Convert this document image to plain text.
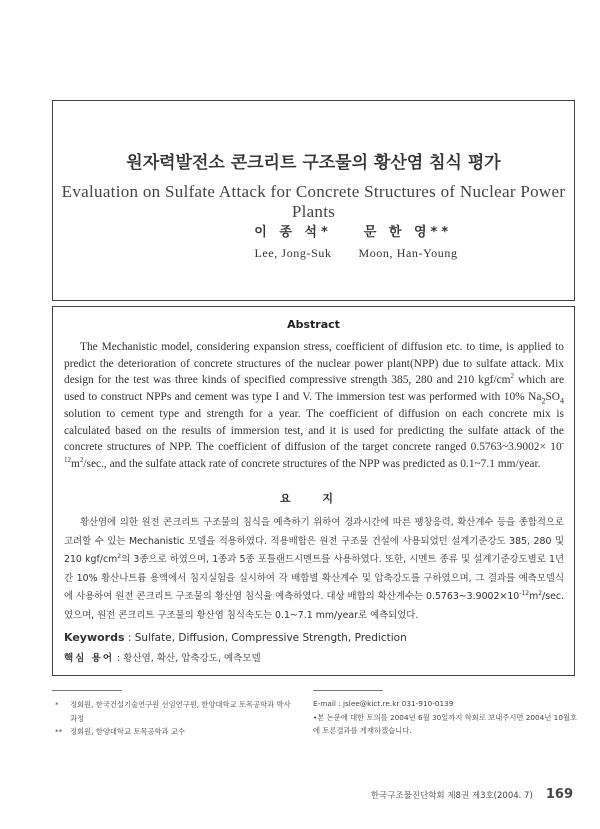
원자력발전소 콘크리트 구조물의 황산염 침식 평가
Evaluation on Sulfate Attack for Concrete Structures of Nuclear Power Plants
이 종 석*
Lee, Jong-Suk
문 한 영**
Moon, Han-Young
Abstract
The Mechanistic model, considering expansion stress, coefficient of diffusion etc. to time, is applied to predict the deterioration of concrete structures of the nuclear power plant(NPP) due to sulfate attack. Mix design for the test was three kinds of specified compressive strength 385, 280 and 210 kgf/$cm^2$ which are used to construct NPPs and cement was type I and V. The immersion test was performed with 10% $Na_2SO_4$ solution to cement type and strength for a year. The coefficient of diffusion on each concrete mix is calculated based on the results of immersion test, and it is used for predicting the sulfate attack of the concrete structures of NPP. The coefficient of diffusion of the target concrete ranged 0.5763~3.9002× $10^{-12}m^2/\sec$., and the sulfate attack rate of concrete structures of the NPP was predicted as 0.1~7.1 mm/year.
요 지
황산염에 의한 원전 콘크리트 구조물의 침식을 예측하기 위하여 경과시간에 따른 팽창응력, 확산계수 등을 종합적으로 고려할 수 있는 Mechanistic 모델을 적용하였다. 적용배합은 원전 구조물 건설에 사용되었던 설계기준강도 385, 280 및 210 kgf/$cm^2$의 3종으로 하였으며, 1종과 5종 포틀랜드시멘트를 사용하였다. 또한, 시멘트 종류 및 설계기준강도별로 1년간 10% 황산나트륨 용액에서 침지실험을 실시하여 각 배합별 확산계수 및 압축강도를 구하였으며, 그 결과를 예측모델식에 사용하여 원전 콘크리트 구조물의 황산염 침식율 예측하였다. 대상 배합의 확산계수는 $0.5763\sim 3.9002\times 10^{-12}m^2/\sec$.였으며, 원전 콘크리트 구조물의 황산염 침식속도는 0.1~7.1 mm/year로 예측되었다.
Keywords : Sulfate, Diffusion, Compressive Strength, Prediction
핵심 용어 : 황산염, 확산, 압축강도, 예측모델
* 정회원, 한국건설기술연구원 선임연구원, 한양대학교 토목공학과 박사과정
** 정회원, 한양대학교 토목공학과 교수
E-mail : jslee@kict.re.kr 031-910-0139
•본 논문에 대한 토의를 2004년 6월 30일까지 학회로 보내주시면 2004년 10월호에 토론결과를 게재하겠습니다.
한국구조물진단학회 제8권 제3호(2004. 7) 169
